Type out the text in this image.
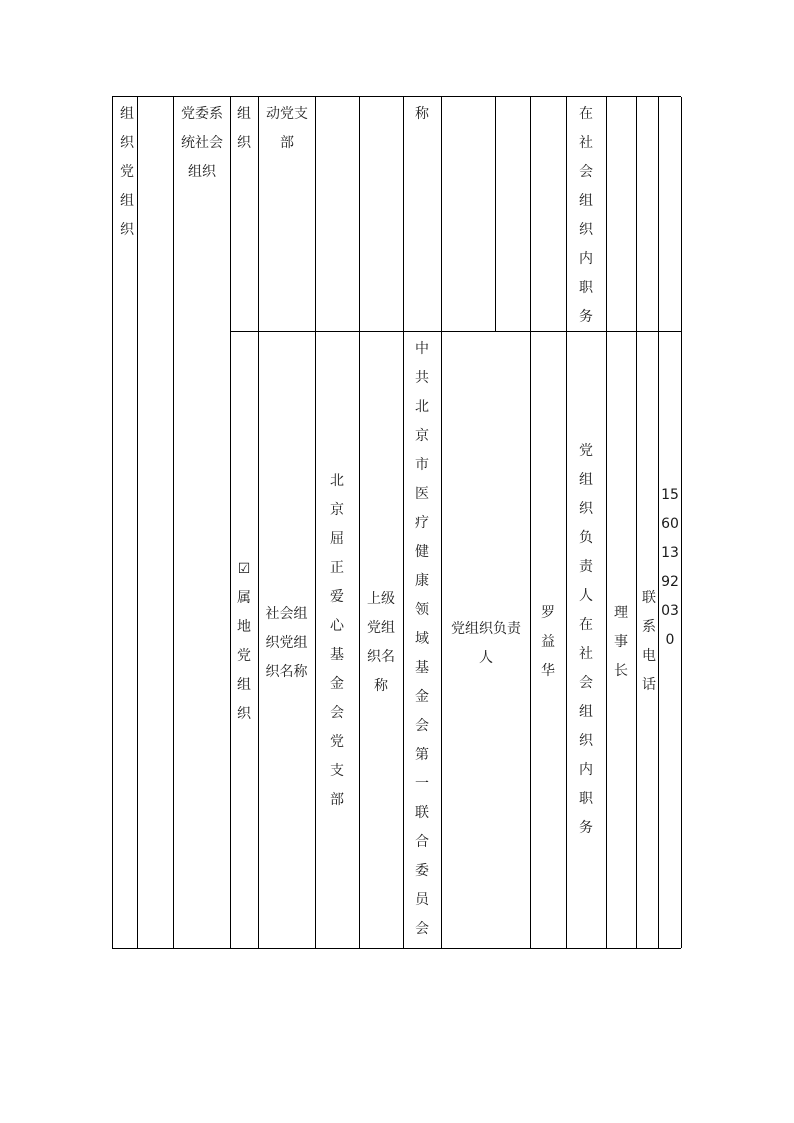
组织党组织
党委系统社会组织
组织
动党支部
称	在社会组织内职务
☑
属地党组织
社会组织党组织名称
北京屈正爱心基金会党支部
上级党组织名称
中共北京市医疗健康领域基金会第一联合委员会
党组织负责人
罗益华
党组织负责人在社会组织内职务
理事长
联系电话
15601392030
